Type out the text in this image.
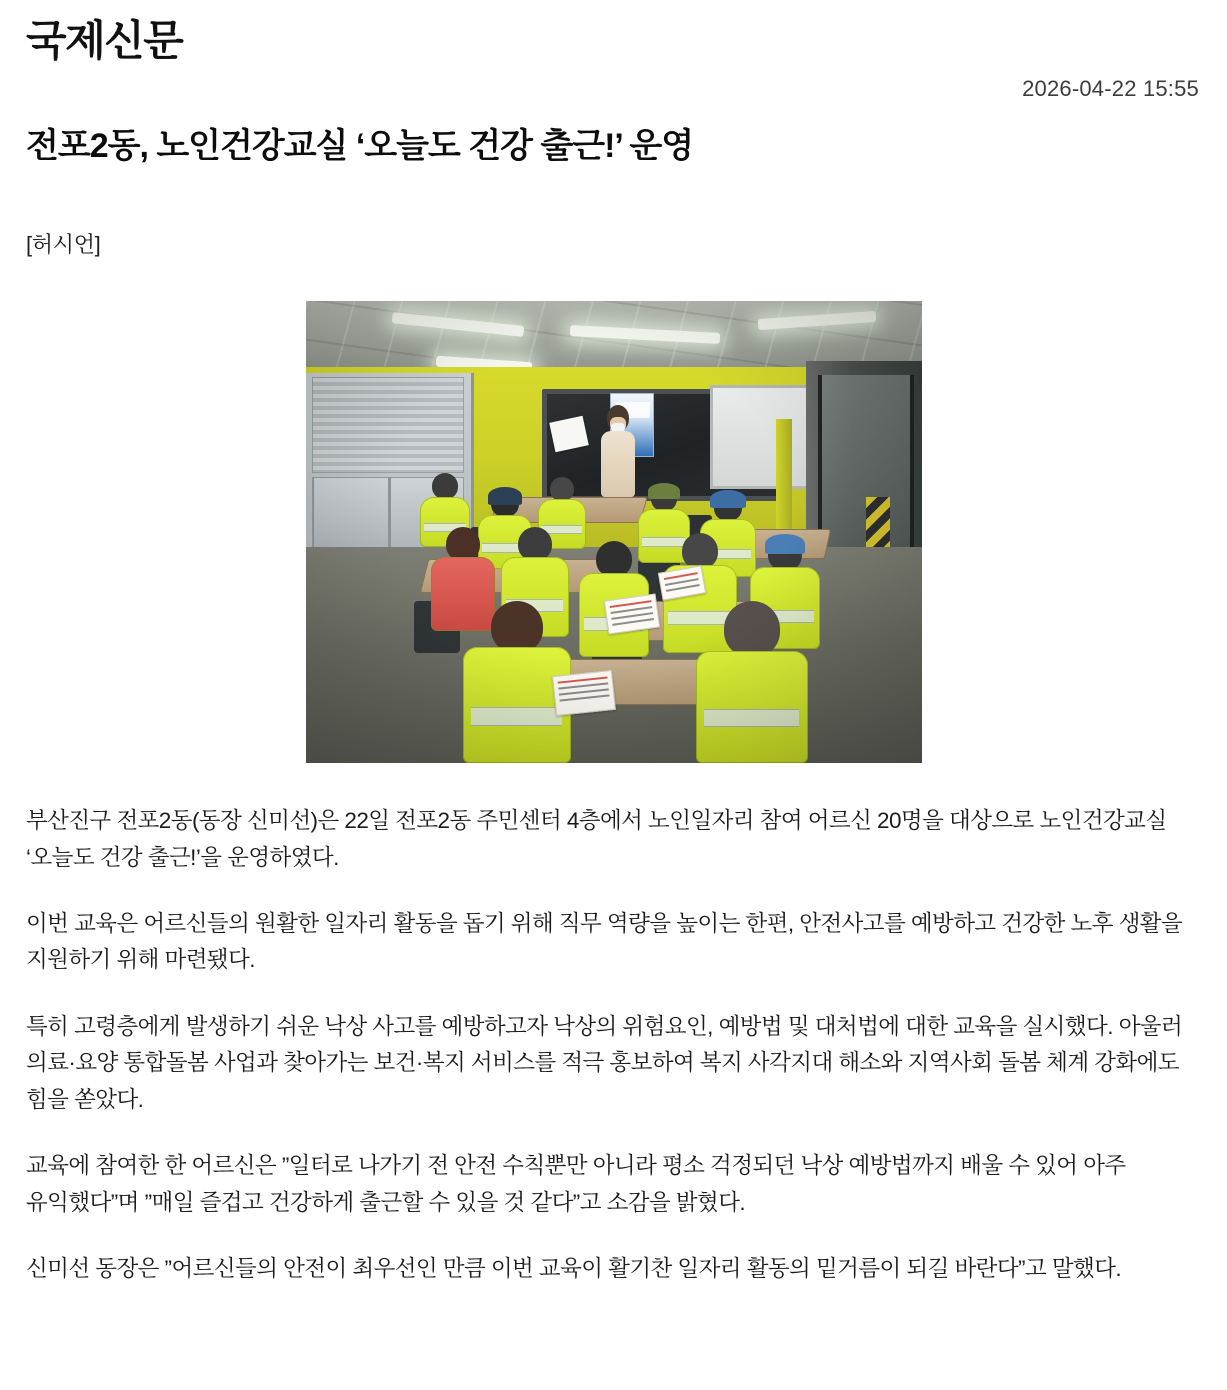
국제신문
2026-04-22 15:55
전포2동, 노인건강교실 ‘오늘도 건강 출근!’ 운영
[허시언]

부산진구 전포2동(동장 신미선)은 22일 전포2동 주민센터 4층에서 노인일자리 참여 어르신 20명을 대상으로 노인건강교실 ‘오늘도 건강 출근!’을 운영하였다.

이번 교육은 어르신들의 원활한 일자리 활동을 돕기 위해 직무 역량을 높이는 한편, 안전사고를 예방하고 건강한 노후 생활을 지원하기 위해 마련됐다.

특히 고령층에게 발생하기 쉬운 낙상 사고를 예방하고자 낙상의 위험요인, 예방법 및 대처법에 대한 교육을 실시했다. 아울러 의료·요양 통합돌봄 사업과 찾아가는 보건·복지 서비스를 적극 홍보하여 복지 사각지대 해소와 지역사회 돌봄 체계 강화에도 힘을 쏟았다.

교육에 참여한 한 어르신은 ”일터로 나가기 전 안전 수칙뿐만 아니라 평소 걱정되던 낙상 예방법까지 배울 수 있어 아주 유익했다”며 ”매일 즐겁고 건강하게 출근할 수 있을 것 같다”고 소감을 밝혔다.

신미선 동장은 ”어르신들의 안전이 최우선인 만큼 이번 교육이 활기찬 일자리 활동의 밑거름이 되길 바란다”고 말했다.
